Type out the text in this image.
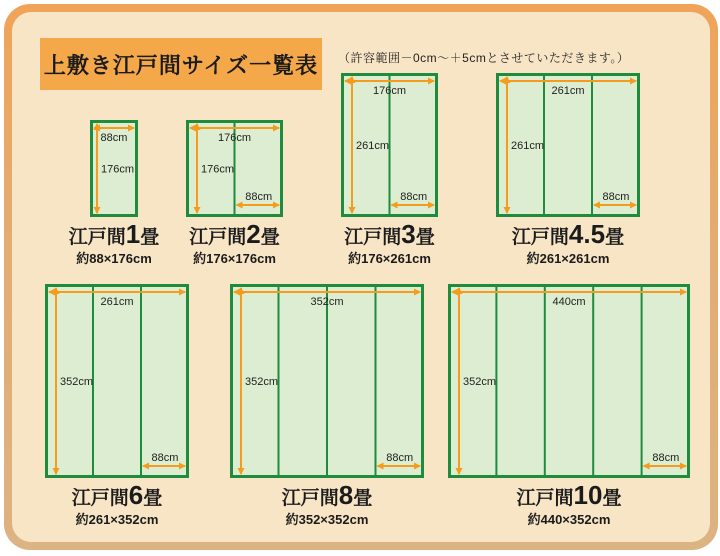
上敷き江戸間サイズ一覧表	（許容範囲－0cm～＋5cmとさせていただきます。）
88cm
176cm
江戸間1畳
約88×176cm
176cm
176cm
88cm
江戸間2畳
約176×176cm
176cm
261cm
88cm
江戸間3畳
約176×261cm
261cm
261cm
88cm
江戸間4.5畳
約261×261cm
261cm
352cm
88cm
江戸間6畳
約261×352cm
352cm
352cm
88cm
江戸間8畳
約352×352cm
440cm
352cm
88cm
江戸間10畳
約440×352cm
